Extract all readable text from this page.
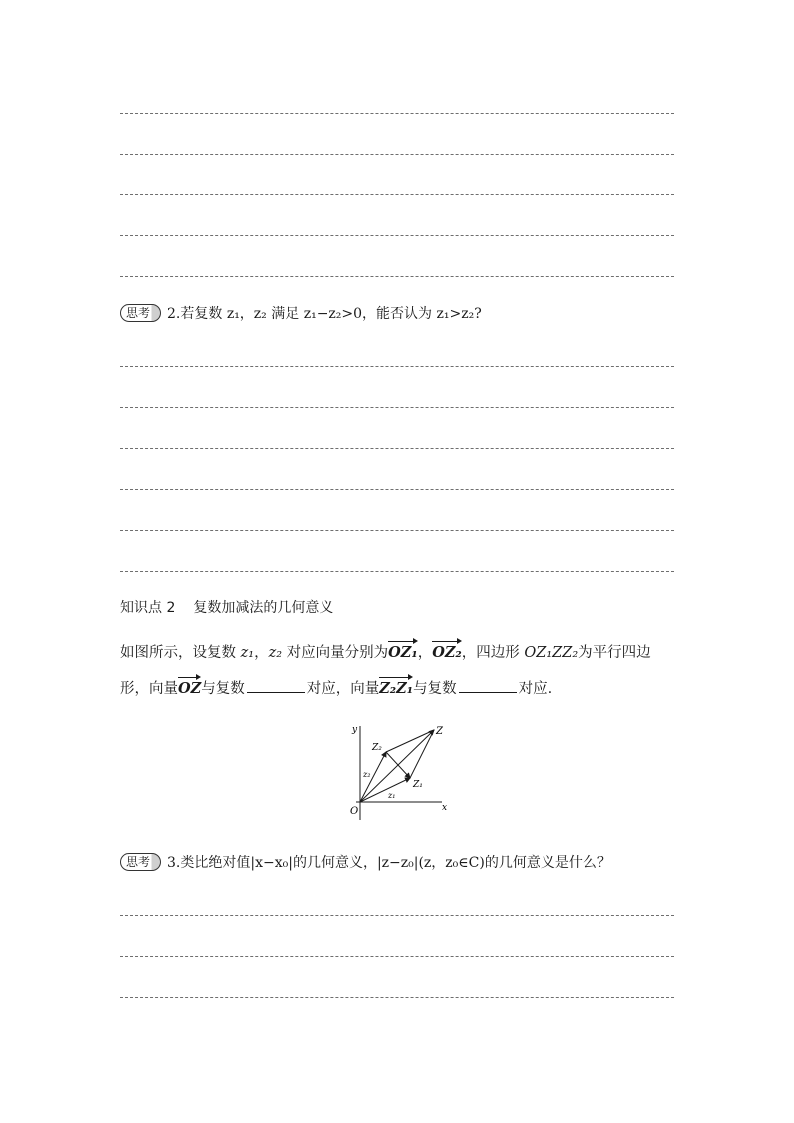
思考	2.若复数 z₁，z₂ 满足 z₁−z₂>0，能否认为 z₁>z₂?
知识点 2 复数加减法的几何意义
如图所示，设复数 z₁，z₂ 对应向量分别为OZ₁，OZ₂，四边形 OZ₁ZZ₂为平行四边
形，向量OZ与复数	对应，向量Z₂Z₁与复数	对应.
y
x
O
Z
Z₁
Z₂
z₁
z₂
思考	3.类比绝对值|x−x₀|的几何意义，|z−z₀|(z，z₀∈C)的几何意义是什么？
